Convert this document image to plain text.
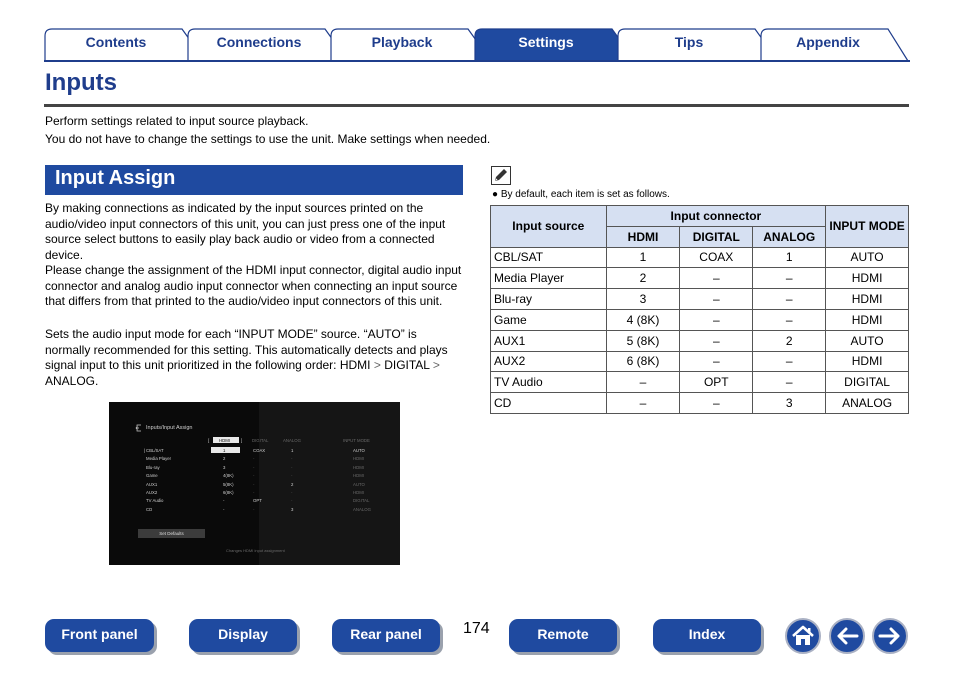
Contents	Connections	Playback	Settings	Tips	Appendix
Inputs
Perform settings related to input source playback.
You do not have to change the settings to use the unit. Make settings when needed.
Input Assign
By making connections as indicated by the input sources printed on the audio/video input connectors of this unit, you can just press one of the input source select buttons to easily play back audio or video from a connected device.
Please change the assignment of the HDMI input connector, digital audio input connector and analog audio input connector when connecting an input source that differs from that printed to the audio/video input connectors of this unit.
Sets the audio input mode for each “INPUT MODE” source. “AUTO” is normally recommended for this setting. This automatically detects and plays signal input to this unit prioritized in the following order: HDMI > DIGITAL > ANALOG.
Inputs/Input Assign
[ HDMI	] DIGITAL	ANALOG	INPUT MODE
| CBL/SAT	1	COAX	1	AUTO
Media Player	2	-	-	HDMI
Blu-ray	3	-	-	HDMI
Game	4(8K)	-	-	HDMI
AUX1	5(8K)	-	2	AUTO
AUX2	6(8K)	-	-	HDMI
TV Audio	-	OPT	-	DIGITAL
CD	-	-	3	ANALOG
Set Defaults
Changes HDMI input assignment
● By default, each item is set as follows.
Input source	Input connector			INPUT MODE
	HDMI	DIGITAL	ANALOG	
CBL/SAT	1	COAX	1	AUTO
Media Player	2	–	–	HDMI
Blu-ray	3	–	–	HDMI
Game	4 (8K)	–	–	HDMI
AUX1	5 (8K)	–	2	AUTO
AUX2	6 (8K)	–	–	HDMI
TV Audio	–	OPT	–	DIGITAL
CD	–	–	3	ANALOG
Front panel	Display	Rear panel	174	Remote	Index
